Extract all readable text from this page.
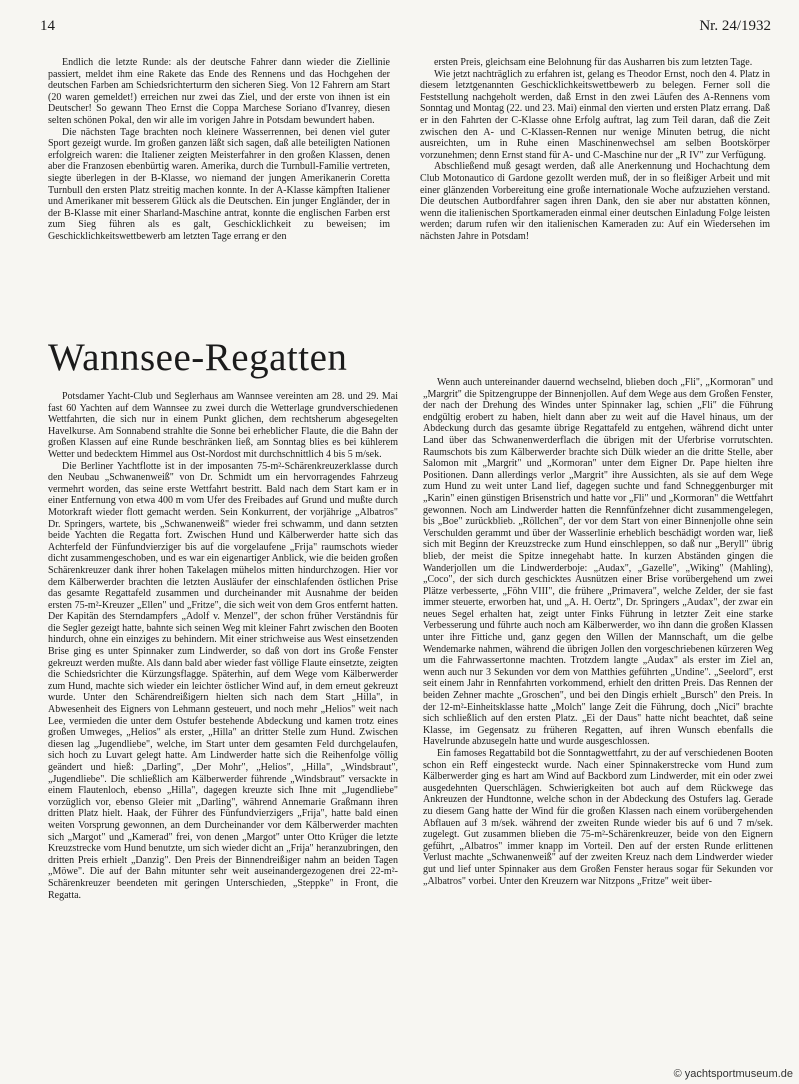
14	Nr. 24/1932

Endlich die letzte Runde: als der deutsche Fahrer dann wieder die Ziellinie passiert, meldet ihm eine Rakete das Ende des Rennens und das Hochgehen der deutschen Farben am Schiedsrichterturm den sicheren Sieg. Von 12 Fahrern am Start (20 waren gemeldet!) erreichen nur zwei das Ziel, und der erste von ihnen ist ein Deutscher! So gewann Theo Ernst die Coppa Marchese Soriano d'Ivanrey, diesen selten schönen Pokal, den wir alle im vorigen Jahre in Potsdam bewundert haben.

Die nächsten Tage brachten noch kleinere Wasserrennen, bei denen viel guter Sport gezeigt wurde. Im großen ganzen läßt sich sagen, daß alle beteiligten Nationen erfolgreich waren: die Italiener zeigten Meisterfahrer in den großen Klassen, denen aber die Franzosen ebenbürtig waren. Amerika, durch die Turnbull-Familie vertreten, siegte überlegen in der B-Klasse, wo niemand der jungen Amerikanerin Coretta Turnbull den ersten Platz streitig machen konnte. In der A-Klasse kämpften Italiener und Amerikaner mit besserem Glück als die Deutschen. Ein junger Engländer, der in der B-Klasse mit einer Sharland-Maschine antrat, konnte die englischen Farben erst zum Sieg führen als es galt, Geschicklichkeit zu beweisen; im Geschicklichkeitswettbewerb am letzten Tage errang er den

ersten Preis, gleichsam eine Belohnung für das Ausharren bis zum letzten Tage.

Wie jetzt nachträglich zu erfahren ist, gelang es Theodor Ernst, noch den 4. Platz in diesem letztgenannten Geschicklichkeitswettbewerb zu belegen. Ferner soll die Feststellung nachgeholt werden, daß Ernst in den zwei Läufen des A-Rennens vom Sonntag und Montag (22. und 23. Mai) einmal den vierten und ersten Platz errang. Daß er in den Fahrten der C-Klasse ohne Erfolg auftrat, lag zum Teil daran, daß die Zeit zwischen den A- und C-Klassen-Rennen nur wenige Minuten betrug, die nicht ausreichten, um in Ruhe einen Maschinenwechsel am selben Bootskörper vorzunehmen; denn Ernst stand für A- und C-Maschine nur der „R IV" zur Verfügung.

Abschließend muß gesagt werden, daß alle Anerkennung und Hochachtung dem Club Motonautico di Gardone gezollt werden muß, der in so fleißiger Arbeit und mit einer glänzenden Vorbereitung eine große internationale Woche aufzuziehen verstand. Die deutschen Autbordfahrer sagen ihren Dank, den sie aber nur abstatten können, wenn die italienischen Sportkameraden einmal einer deutschen Einladung Folge leisten werden; darum rufen wir den italienischen Kameraden zu: Auf ein Wiedersehen im nächsten Jahre in Potsdam!

Wannsee-Regatten

Potsdamer Yacht-Club und Seglerhaus am Wannsee vereinten am 28. und 29. Mai fast 60 Yachten auf dem Wannsee zu zwei durch die Wetterlage grundverschiedenen Wettfahrten, die sich nur in einem Punkt glichen, dem rechtsherum abgesegelten Havelkurse. Am Sonnabend strahlte die Sonne bei erheblicher Flaute, die die Bahn der großen Klassen auf eine Runde beschränken ließ, am Sonntag blies es bei kühlerem Wetter und bedecktem Himmel aus Ost-Nordost mit durchschnittlich 4 bis 5 m/sek.

Die Berliner Yachtflotte ist in der imposanten 75-m²-Schärenkreuzerklasse durch den Neubau „Schwanenweiß" von Dr. Schmidt um ein hervorragendes Fahrzeug vermehrt worden, das seine erste Wettfahrt bestritt. Bald nach dem Start kam er in einer Entfernung von etwa 400 m vom Ufer des Freibades auf Grund und mußte durch Motorkraft wieder flott gemacht werden. Sein Konkurrent, der vorjährige „Albatros" Dr. Springers, wartete, bis „Schwanenweiß" wieder frei schwamm, und dann setzten beide Yachten die Regatta fort. Zwischen Hund und Kälberwerder hatte sich das Achterfeld der Fünfundvierziger bis auf die vorgelaufene „Frija" raumschots wieder dicht zusammengeschoben, und es war ein eigenartiger Anblick, wie die beiden großen Schärenkreuzer dank ihrer hohen Takelagen mühelos mitten hindurchzogen. Hier vor dem Kälberwerder brachten die letzten Ausläufer der einschlafenden östlichen Prise das gesamte Regattafeld zusammen und durcheinander mit Ausnahme der beiden ersten 75-m²-Kreuzer „Ellen" und „Fritze", die sich weit von dem Gros entfernt hatten. Der Kapitän des Sterndampfers „Adolf v. Menzel", der schon früher Verständnis für die Segler gezeigt hatte, bahnte sich seinen Weg mit kleiner Fahrt zwischen den Booten hindurch, ohne ein einziges zu behindern. Mit einer strichweise aus West einsetzenden Brise ging es unter Spinnaker zum Lindwerder, so daß von dort ins Große Fenster gekreuzt werden mußte. Als dann bald aber wieder fast völlige Flaute einsetzte, zeigten die Schiedsrichter die Kürzungsflagge. Späterhin, auf dem Wege vom Kälberwerder zum Hund, machte sich wieder ein leichter östlicher Wind auf, in dem erneut gekreuzt wurde. Unter den Schärendreißigern hielten sich nach dem Start „Hilla", in Abwesenheit des Eigners von Lehmann gesteuert, und noch mehr „Helios" weit nach Lee, vermieden die unter dem Ostufer bestehende Abdeckung und kamen trotz eines großen Umweges, „Helios" als erster, „Hilla" an dritter Stelle zum Hund. Zwischen diesen lag „Jugendliebe", welche, im Start unter dem gesamten Feld durchgelaufen, sich hoch zu Luvart gelegt hatte. Am Lindwerder hatte sich die Reihenfolge völlig geändert und hieß: „Darling", „Der Mohr", „Helios", „Hilla", „Windsbraut", „Jugendliebe". Die schließlich am Kälberwerder führende „Windsbraut" versackte in einem Flautenloch, ebenso „Hilla", dagegen kreuzte sich Ihne mit „Jugendliebe" vorzüglich vor, ebenso Gleier mit „Darling", während Annemarie Graßmann ihren dritten Platz hielt. Haak, der Führer des Fünfundvierzigers „Frija", hatte bald einen weiten Vorsprung gewonnen, an dem Durcheinander vor dem Kälberwerder machten sich „Margot" und „Kamerad" frei, von denen „Margot" unter Otto Krüger die letzte Kreuzstrecke vom Hund benutzte, um sich wieder dicht an „Frija" heranzubringen, den dritten Preis erhielt „Danzig". Den Preis der Binnendreißiger nahm an beiden Tagen „Möwe". Die auf der Bahn mitunter sehr weit auseinandergezogenen drei 22-m²-Schärenkreuzer beendeten mit geringen Unterschieden, „Steppke" in Front, die Regatta.

Wenn auch untereinander dauernd wechselnd, blieben doch „Fli", „Kormoran" und „Margrit" die Spitzengruppe der Binnenjollen. Auf dem Wege aus dem Großen Fenster, der nach der Drehung des Windes unter Spinnaker lag, schien „Fli" die Führung endgültig erobert zu haben, hielt dann aber zu weit auf die Havel hinaus, um der Abdeckung durch das gesamte übrige Regattafeld zu entgehen, während dicht unter Land über das Schwanenwerderflach die übrigen mit der Uferbrise vorrutschten. Raumschots bis zum Kälberwerder brachte sich Dülk wieder an die dritte Stelle, aber Salomon mit „Margrit" und „Kormoran" unter dem Eigner Dr. Pape hielten ihre Positionen. Dann allerdings verlor „Margrit" ihre Aussichten, als sie auf dem Wege zum Hund zu weit unter Land lief, dagegen suchte und fand Schneggenburger mit „Karin" einen günstigen Brisenstrich und hatte vor „Fli" und „Kormoran" die Wettfahrt gewonnen. Noch am Lindwerder hatten die Rennfünfzehner dicht zusammengelegen, bis „Boe" zurückblieb. „Röllchen", der vor dem Start von einer Binnenjolle ohne sein Verschulden gerammt und über der Wasserlinie erheblich beschädigt worden war, ließ sich mit Beginn der Kreuzstrecke zum Hund einschleppen, so daß nur „Beryll" übrig blieb, der meist die Spitze innegehabt hatte. In kurzen Abständen gingen die Wanderjollen um die Lindwerderboje: „Audax", „Gazelle", „Wiking" (Mahling), „Coco", der sich durch geschicktes Ausnützen einer Brise vorübergehend um zwei Plätze verbesserte, „Föhn VIII", die frühere „Primavera", welche Zelder, der sie fast immer steuerte, erworben hat, und „A. H. Oertz", Dr. Springers „Audax", der zwar ein neues Segel erhalten hat, zeigt unter Finks Führung in letzter Zeit eine starke Verbesserung und führte auch noch am Kälberwerder, wo ihn dann die großen Klassen unter ihre Fittiche und, ganz gegen den Willen der Mannschaft, um die gelbe Wendemarke nahmen, während die übrigen Jollen den vorgeschriebenen kürzeren Weg um die Fahrwassertonne machten. Trotzdem langte „Audax" als erster im Ziel an, wenn auch nur 3 Sekunden vor dem von Matthies geführten „Undine". „Seelord", erst seit einem Jahr in Rennfahrten vorkommend, erhielt den dritten Preis. Das Rennen der beiden Zehner machte „Groschen", und bei den Dingis erhielt „Bursch" den Preis. In der 12-m²-Einheitsklasse hatte „Molch" lange Zeit die Führung, doch „Nici" brachte sich schließlich auf den ersten Platz. „Ei der Daus" hatte nicht beachtet, daß seine Klasse, im Gegensatz zu früheren Regatten, auf ihren Wunsch ebenfalls die Havelrunde abzusegeln hatte und wurde ausgeschlossen.

Ein famoses Regattabild bot die Sonntagwettfahrt, zu der auf verschiedenen Booten schon ein Reff eingesteckt wurde. Nach einer Spinnakerstrecke vom Hund zum Kälberwerder ging es hart am Wind auf Backbord zum Lindwerder, mit ein oder zwei ausgedehnten Querschlägen. Schwierigkeiten bot auch auf dem Rückwege das Ankreuzen der Hundtonne, welche schon in der Abdeckung des Ostufers lag. Gerade zu diesem Gang hatte der Wind für die großen Klassen nach einem vorübergehenden Abflauen auf 3 m/sek. während der zweiten Runde wieder bis auf 6 und 7 m/sek. zugelegt. Gut zusammen blieben die 75-m²-Schärenkreuzer, beide von den Eignern geführt, „Albatros" immer knapp im Vorteil. Den auf der ersten Runde erlittenen Verlust machte „Schwanenweiß" auf der zweiten Kreuz nach dem Lindwerder wieder gut und lief unter Spinnaker aus dem Großen Fenster heraus sogar für Sekunden vor „Albatros" vorbei. Unter den Kreuzern war Nitzpons „Fritze" weit über-

© yachtsportmuseum.de
